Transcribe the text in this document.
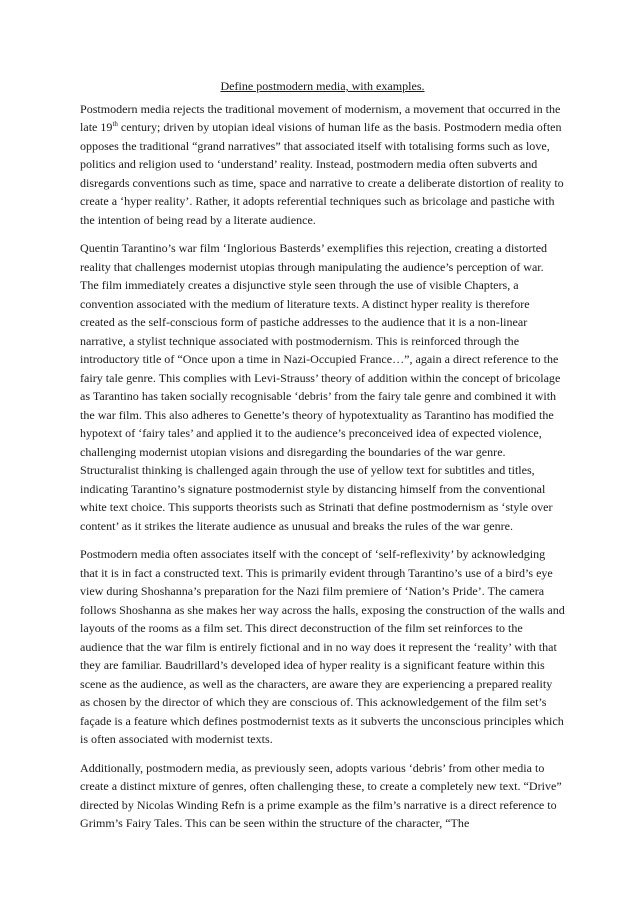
Define postmodern media, with examples.

Postmodern media rejects the traditional movement of modernism, a movement that occurred in the late 19th century; driven by utopian ideal visions of human life as the basis. Postmodern media often opposes the traditional “grand narratives” that associated itself with totalising forms such as love, politics and religion used to ‘understand’ reality. Instead, postmodern media often subverts and disregards conventions such as time, space and narrative to create a deliberate distortion of reality to create a ‘hyper reality’. Rather, it adopts referential techniques such as bricolage and pastiche with the intention of being read by a literate audience.

Quentin Tarantino’s war film ‘Inglorious Basterds’ exemplifies this rejection, creating a distorted reality that challenges modernist utopias through manipulating the audience’s perception of war. The film immediately creates a disjunctive style seen through the use of visible Chapters, a convention associated with the medium of literature texts. A distinct hyper reality is therefore created as the self-conscious form of pastiche addresses to the audience that it is a non-linear narrative, a stylist technique associated with postmodernism. This is reinforced through the introductory title of “Once upon a time in Nazi-Occupied France…”, again a direct reference to the fairy tale genre. This complies with Levi-Strauss’ theory of addition within the concept of bricolage as Tarantino has taken socially recognisable ‘debris’ from the fairy tale genre and combined it with the war film. This also adheres to Genette’s theory of hypotextuality as Tarantino has modified the hypotext of ‘fairy tales’ and applied it to the audience’s preconceived idea of expected violence, challenging modernist utopian visions and disregarding the boundaries of the war genre. Structuralist thinking is challenged again through the use of yellow text for subtitles and titles, indicating Tarantino’s signature postmodernist style by distancing himself from the conventional white text choice. This supports theorists such as Strinati that define postmodernism as ‘style over content’ as it strikes the literate audience as unusual and breaks the rules of the war genre.

Postmodern media often associates itself with the concept of ‘self-reflexivity’ by acknowledging that it is in fact a constructed text. This is primarily evident through Tarantino’s use of a bird’s eye view during Shoshanna’s preparation for the Nazi film premiere of ‘Nation’s Pride’. The camera follows Shoshanna as she makes her way across the halls, exposing the construction of the walls and layouts of the rooms as a film set. This direct deconstruction of the film set reinforces to the audience that the war film is entirely fictional and in no way does it represent the ‘reality’ with that they are familiar. Baudrillard’s developed idea of hyper reality is a significant feature within this scene as the audience, as well as the characters, are aware they are experiencing a prepared reality as chosen by the director of which they are conscious of. This acknowledgement of the film set’s façade is a feature which defines postmodernist texts as it subverts the unconscious principles which is often associated with modernist texts.

Additionally, postmodern media, as previously seen, adopts various ‘debris’ from other media to create a distinct mixture of genres, often challenging these, to create a completely new text. “Drive” directed by Nicolas Winding Refn is a prime example as the film’s narrative is a direct reference to Grimm’s Fairy Tales. This can be seen within the structure of the character, “The
